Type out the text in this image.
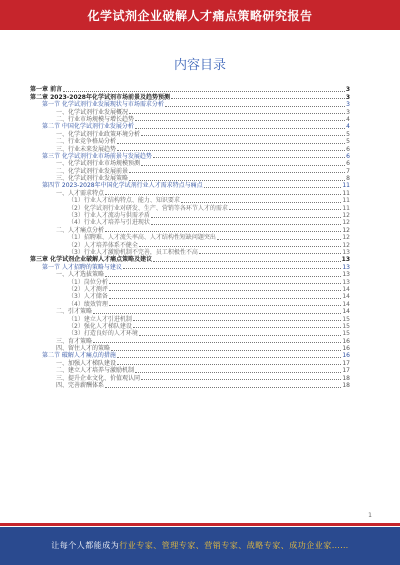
化学试剂企业破解人才痛点策略研究报告
内容目录
第一章 前言	3
第二章 2023-2028年化学试剂市场前景及趋势预测	3
第一节 化学试剂行业发展现状与市场需求分析	3
一、化学试剂行业发展概况	3
二、行业市场规模与增长趋势	4
第二节 中国化学试剂行业发展分析	4
一、化学试剂行业政策环境分析	5
二、行业竞争格局分析	5
三、行业未来发展趋势	6
第三节 化学试剂行业市场前景与发展趋势	6
一、化学试剂行业市场规模预测	6
二、化学试剂行业发展前景	7
三、化学试剂行业发展策略	8
第四节 2023-2028年中国化学试剂行业人才需求特点与痛点	11
一、人才需求特点	11
（1）行业人才结构特点、能力、知识要求	11
（2）化学试剂行业对研发、生产、营销等各环节人才的需求	11
（3）行业人才流动与供需矛盾	12
（4）行业人才培养与引进现状	12
二、人才痛点分析	12
（1）招聘难、人才流失率高、人才结构性短缺问题突出	12
（2）人才培养体系不健全	12
（3）行业人才激励机制不完善，员工积极性不高	13
第三章 化学试剂企业破解人才痛点策略及建议	13
第一节 人才招聘的策略与建议	13
一、人才选拔策略	13
（1）岗位分析	13
（2）人才测评	14
（3）人才储备	14
（4）绩效管理	14
二、引才策略	14
（1）建立人才引进机制	15
（2）强化人才梯队建设	15
（3）打造良好的人才环境	15
三、育才策略	16
四、留住人才的策略	16
第二节 破解人才痛点的措施	16
一、加强人才梯队建设	17
二、建立人才培养与激励机制	17
三、提升企业文化、价值观认同	18
四、完善薪酬体系	18
1
让每个人都能成为行业专家、管理专家、营销专家、战略专家、成功企业家……
